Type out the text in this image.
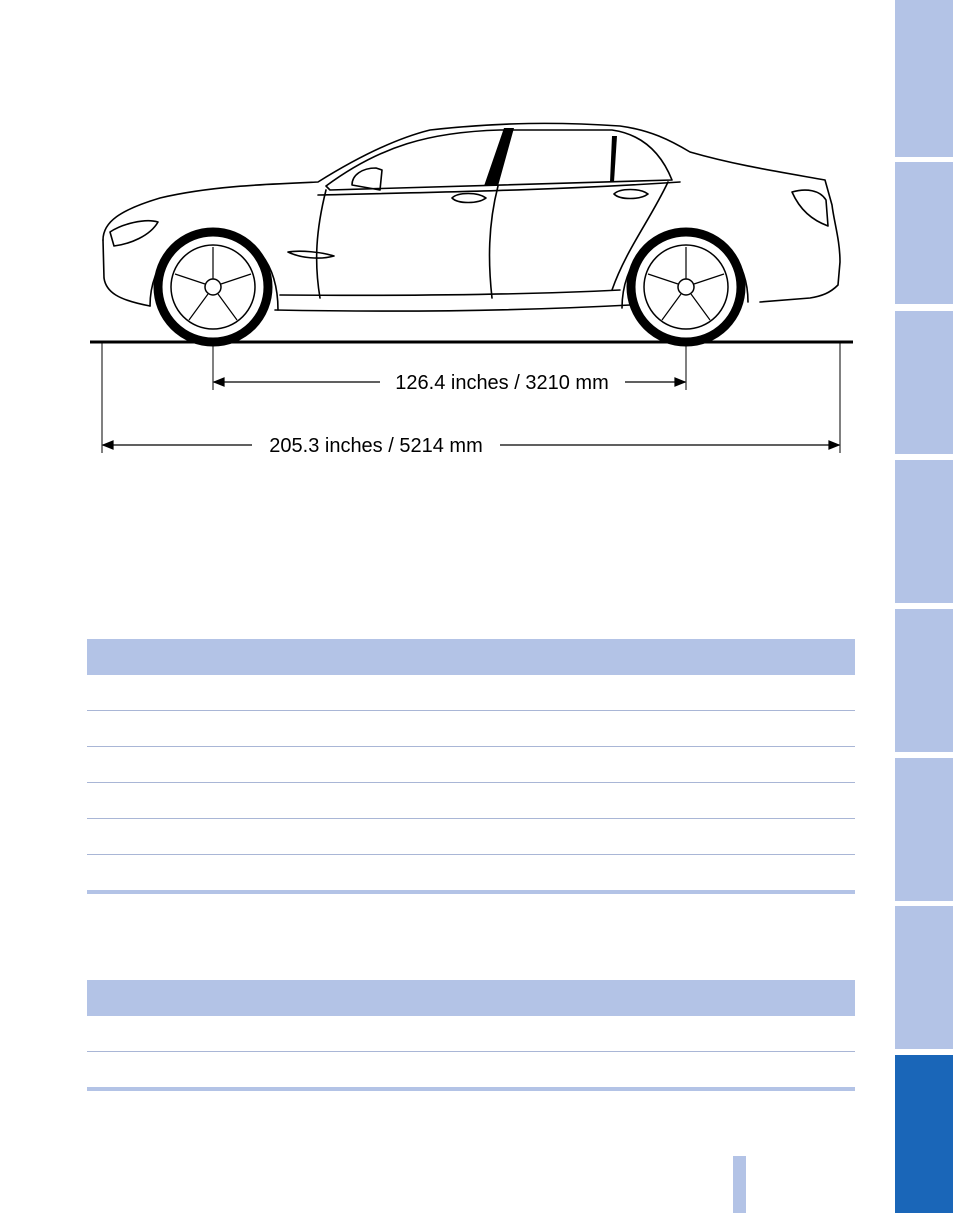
126.4 inches / 3210 mm
205.3 inches / 5214 mm
